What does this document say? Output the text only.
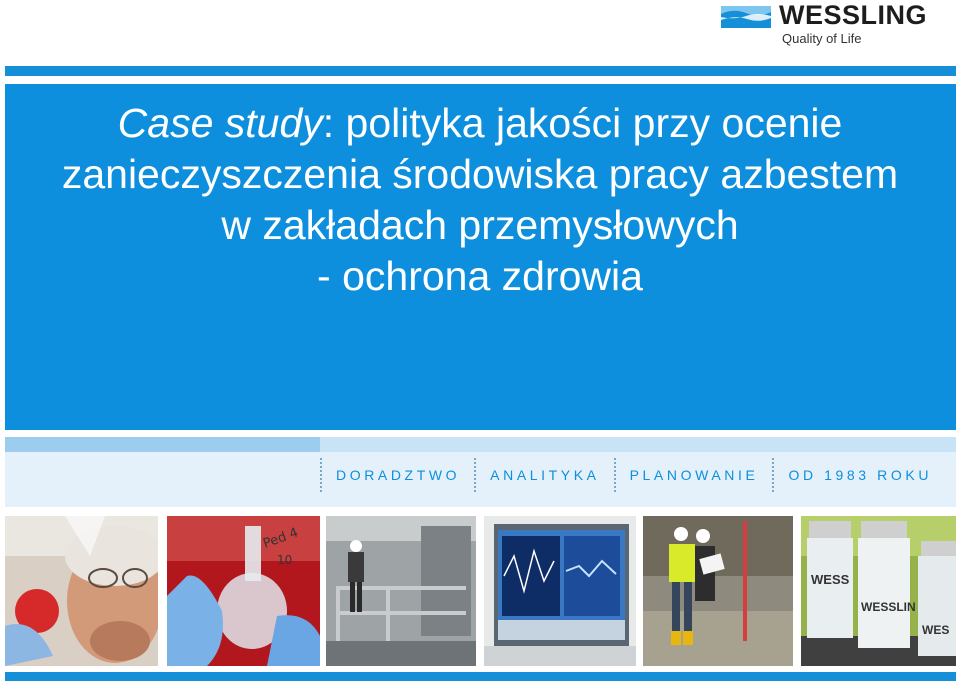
WESSLING
Quality of Life
Case study: polityka jakości przy ocenie
zanieczyszczenia środowiska pracy azbestem
w zakładach przemysłowych
- ochrona zdrowia
DORADZTWO	ANALITYKA	PLANOWANIE	OD 1983 ROKU
Ped 4
10
WESS
WESSLIN
WES
